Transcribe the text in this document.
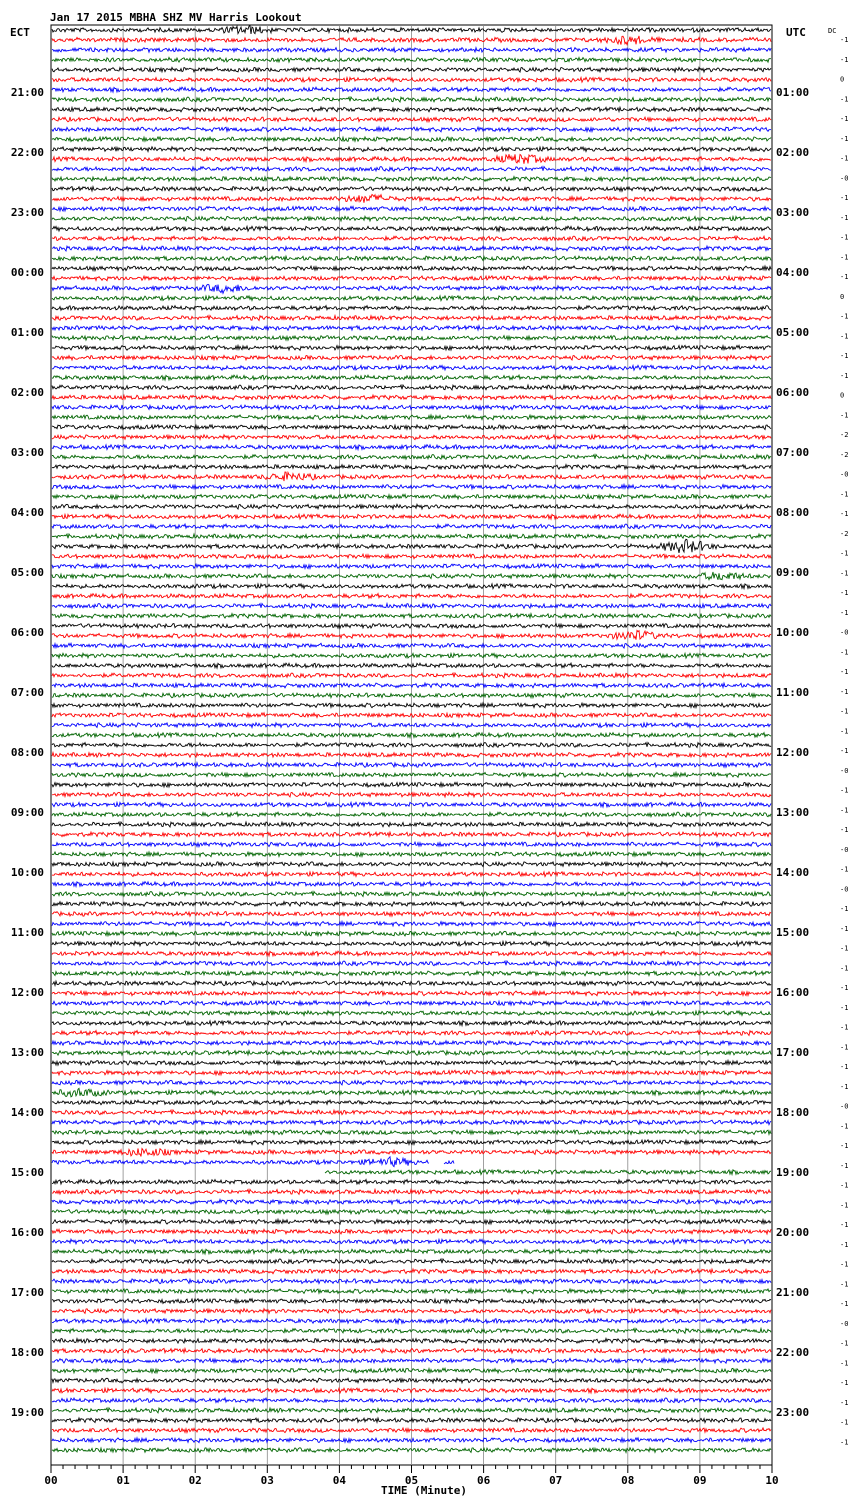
Jan 17 2015 MBHA SHZ MV Harris Lookout
ECT	UTC	DC
21:00
22:00
23:00
00:00
01:00
02:00
03:00
04:00
05:00
06:00
07:00
08:00
09:00
10:00
11:00
12:00
13:00
14:00
15:00
16:00
17:00
18:00
19:00
01:00
02:00
03:00
04:00
05:00
06:00
07:00
08:00
09:00
10:00
11:00
12:00
13:00
14:00
15:00
16:00
17:00
18:00
19:00
20:00
21:00
22:00
23:00
-1
-1
0
-1
-1
-1
-1
-0
-1
-1
-1
-1
-1
0
-1
-1
-1
-1
0
-1
-2
-2
-0
-1
-1
-2
-1
-1
-1
-1
-0
-1
-1
-1
-1
-1
-1
-0
-1
-1
-1
-0
-1
-0
-1
-1
-1
-1
-1
-1
-1
-1
-1
-1
-0
-1
-1
-1
-1
-1
-1
-1
-1
-1
-1
-0
-1
-1
-1
-1
-1
-1
00	01	02	03	04	05	06	07	08	09	10
TIME (Minute)
